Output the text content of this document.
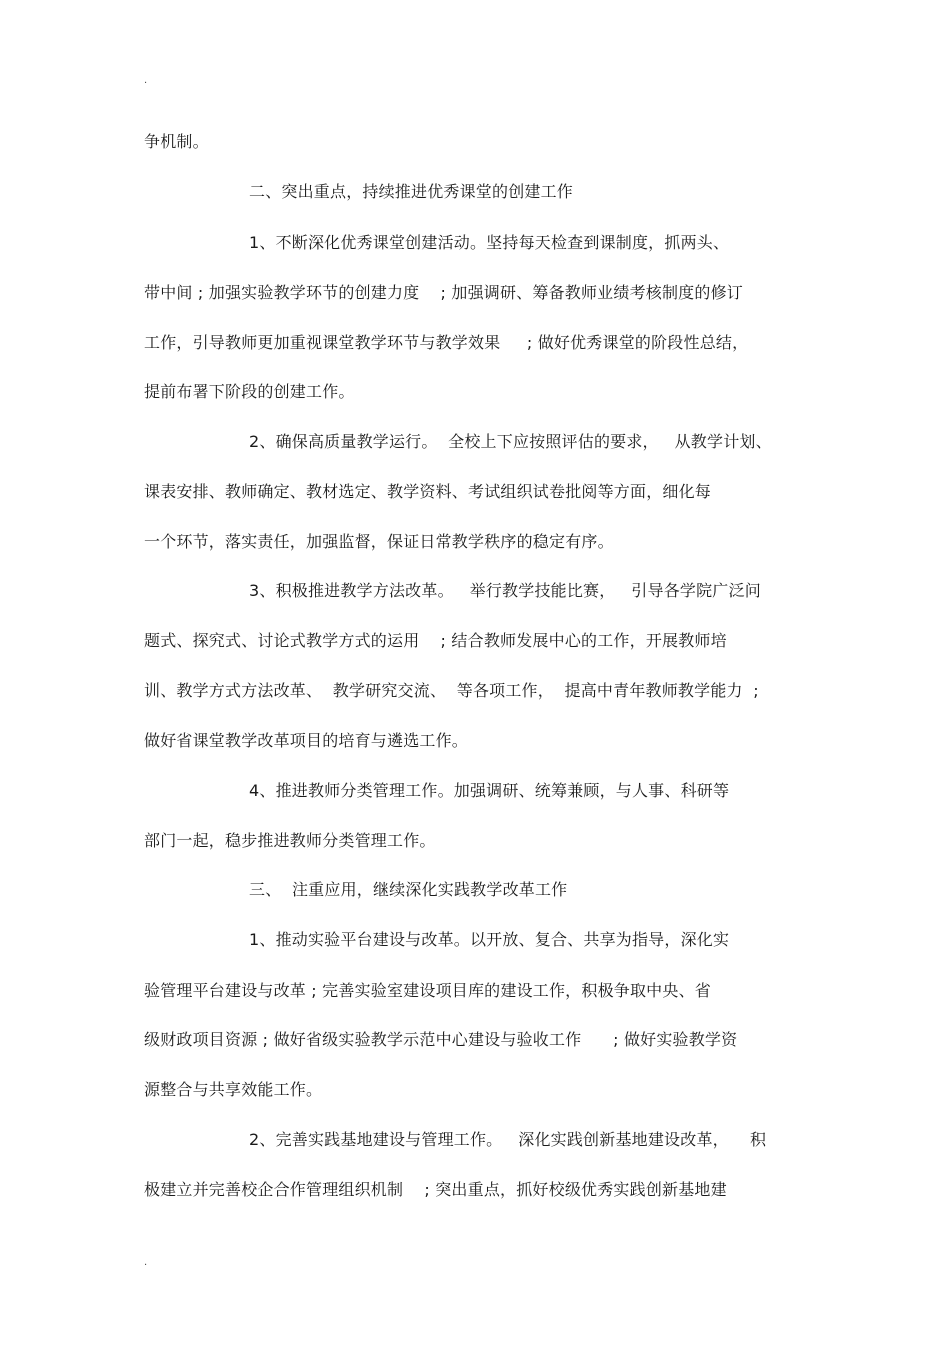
.
争机制。
二、突出重点，持续推进优秀课堂的创建工作
1、不断深化优秀课堂创建活动。坚持每天检查到课制度，抓两头、
带中间 ; 加强实验教学环节的创建力度    ; 加强调研、筹备教师业绩考核制度的修订
工作，引导教师更加重视课堂教学环节与教学效果     ; 做好优秀课堂的阶段性总结，
提前布署下阶段的创建工作。
2、确保高质量教学运行。  全校上下应按照评估的要求，   从教学计划、
课表安排、教师确定、教材选定、教学资料、考试组织试卷批阅等方面，细化每
一个环节，落实责任，加强监督，保证日常教学秩序的稳定有序。
3、积极推进教学方法改革。   举行教学技能比赛，   引导各学院广泛问
题式、探究式、讨论式教学方式的运用    ; 结合教师发展中心的工作，开展教师培
训、教学方式方法改革、  教学研究交流、  等各项工作，  提高中青年教师教学能力  ;
做好省课堂教学改革项目的培育与遴选工作。
4、推进教师分类管理工作。加强调研、统筹兼顾，与人事、科研等
部门一起，稳步推进教师分类管理工作。
三、  注重应用，继续深化实践教学改革工作
1、推动实验平台建设与改革。以开放、复合、共享为指导，深化实
验管理平台建设与改革 ; 完善实验室建设项目库的建设工作，积极争取中央、省
级财政项目资源 ; 做好省级实验教学示范中心建设与验收工作      ; 做好实验教学资
源整合与共享效能工作。
2、完善实践基地建设与管理工作。   深化实践创新基地建设改革，    积
极建立并完善校企合作管理组织机制    ; 突出重点，抓好校级优秀实践创新基地建
.
